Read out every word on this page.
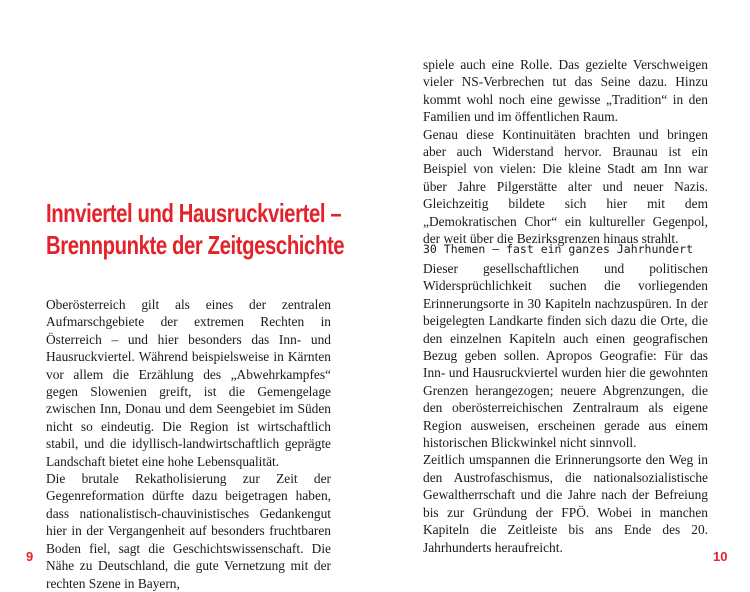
Innviertel und Hausruckviertel –
Brennpunkte der Zeitgeschichte

Oberösterreich gilt als eines der zentralen Aufmarschgebiete der extremen Rechten in Österreich – und hier besonders das Inn- und Hausruckviertel. Während beispielsweise in Kärnten vor allem die Erzählung des „Abwehrkampfes“ gegen Slowenien greift, ist die Gemengelage zwischen Inn, Donau und dem Seengebiet im Süden nicht so eindeutig. Die Region ist wirtschaftlich stabil, und die idyllisch-landwirtschaftlich geprägte Landschaft bietet eine hohe Lebensqualität.

Die brutale Rekatholisierung zur Zeit der Gegenreformation dürfte dazu beigetragen haben, dass nationalistisch-chauvinistisches Gedankengut hier in der Vergangenheit auf besonders fruchtbaren Boden fiel, sagt die Geschichtswissenschaft. Die Nähe zu Deutschland, die gute Vernetzung mit der rechten Szene in Bayern,

9

spiele auch eine Rolle. Das gezielte Verschweigen vieler NS-Verbrechen tut das Seine dazu. Hinzu kommt wohl noch eine gewisse „Tradition“ in den Familien und im öffentlichen Raum.

Genau diese Kontinuitäten brachten und bringen aber auch Widerstand hervor. Braunau ist ein Beispiel von vielen: Die kleine Stadt am Inn war über Jahre Pilgerstätte alter und neuer Nazis. Gleichzeitig bildete sich hier mit dem „Demokratischen Chor“ ein kultureller Gegenpol, der weit über die Bezirksgrenzen hinaus strahlt.

30 Themen – fast ein ganzes Jahrhundert

Dieser gesellschaftlichen und politischen Widersprüchlichkeit suchen die vorliegenden Erinnerungsorte in 30 Kapiteln nachzuspüren. In der beigelegten Landkarte finden sich dazu die Orte, die den einzelnen Kapiteln auch einen geografischen Bezug geben sollen. Apropos Geografie: Für das Inn- und Hausruckviertel wurden hier die gewohnten Grenzen herangezogen; neuere Abgrenzungen, die den oberösterreichischen Zentralraum als eigene Region ausweisen, erscheinen gerade aus einem historischen Blickwinkel nicht sinnvoll.

Zeitlich umspannen die Erinnerungsorte den Weg in den Austrofaschismus, die nationalsozialistische Gewaltherrschaft und die Jahre nach der Befreiung bis zur Gründung der FPÖ. Wobei in manchen Kapiteln die Zeitleiste bis ans Ende des 20. Jahrhunderts heraufreicht.

10
